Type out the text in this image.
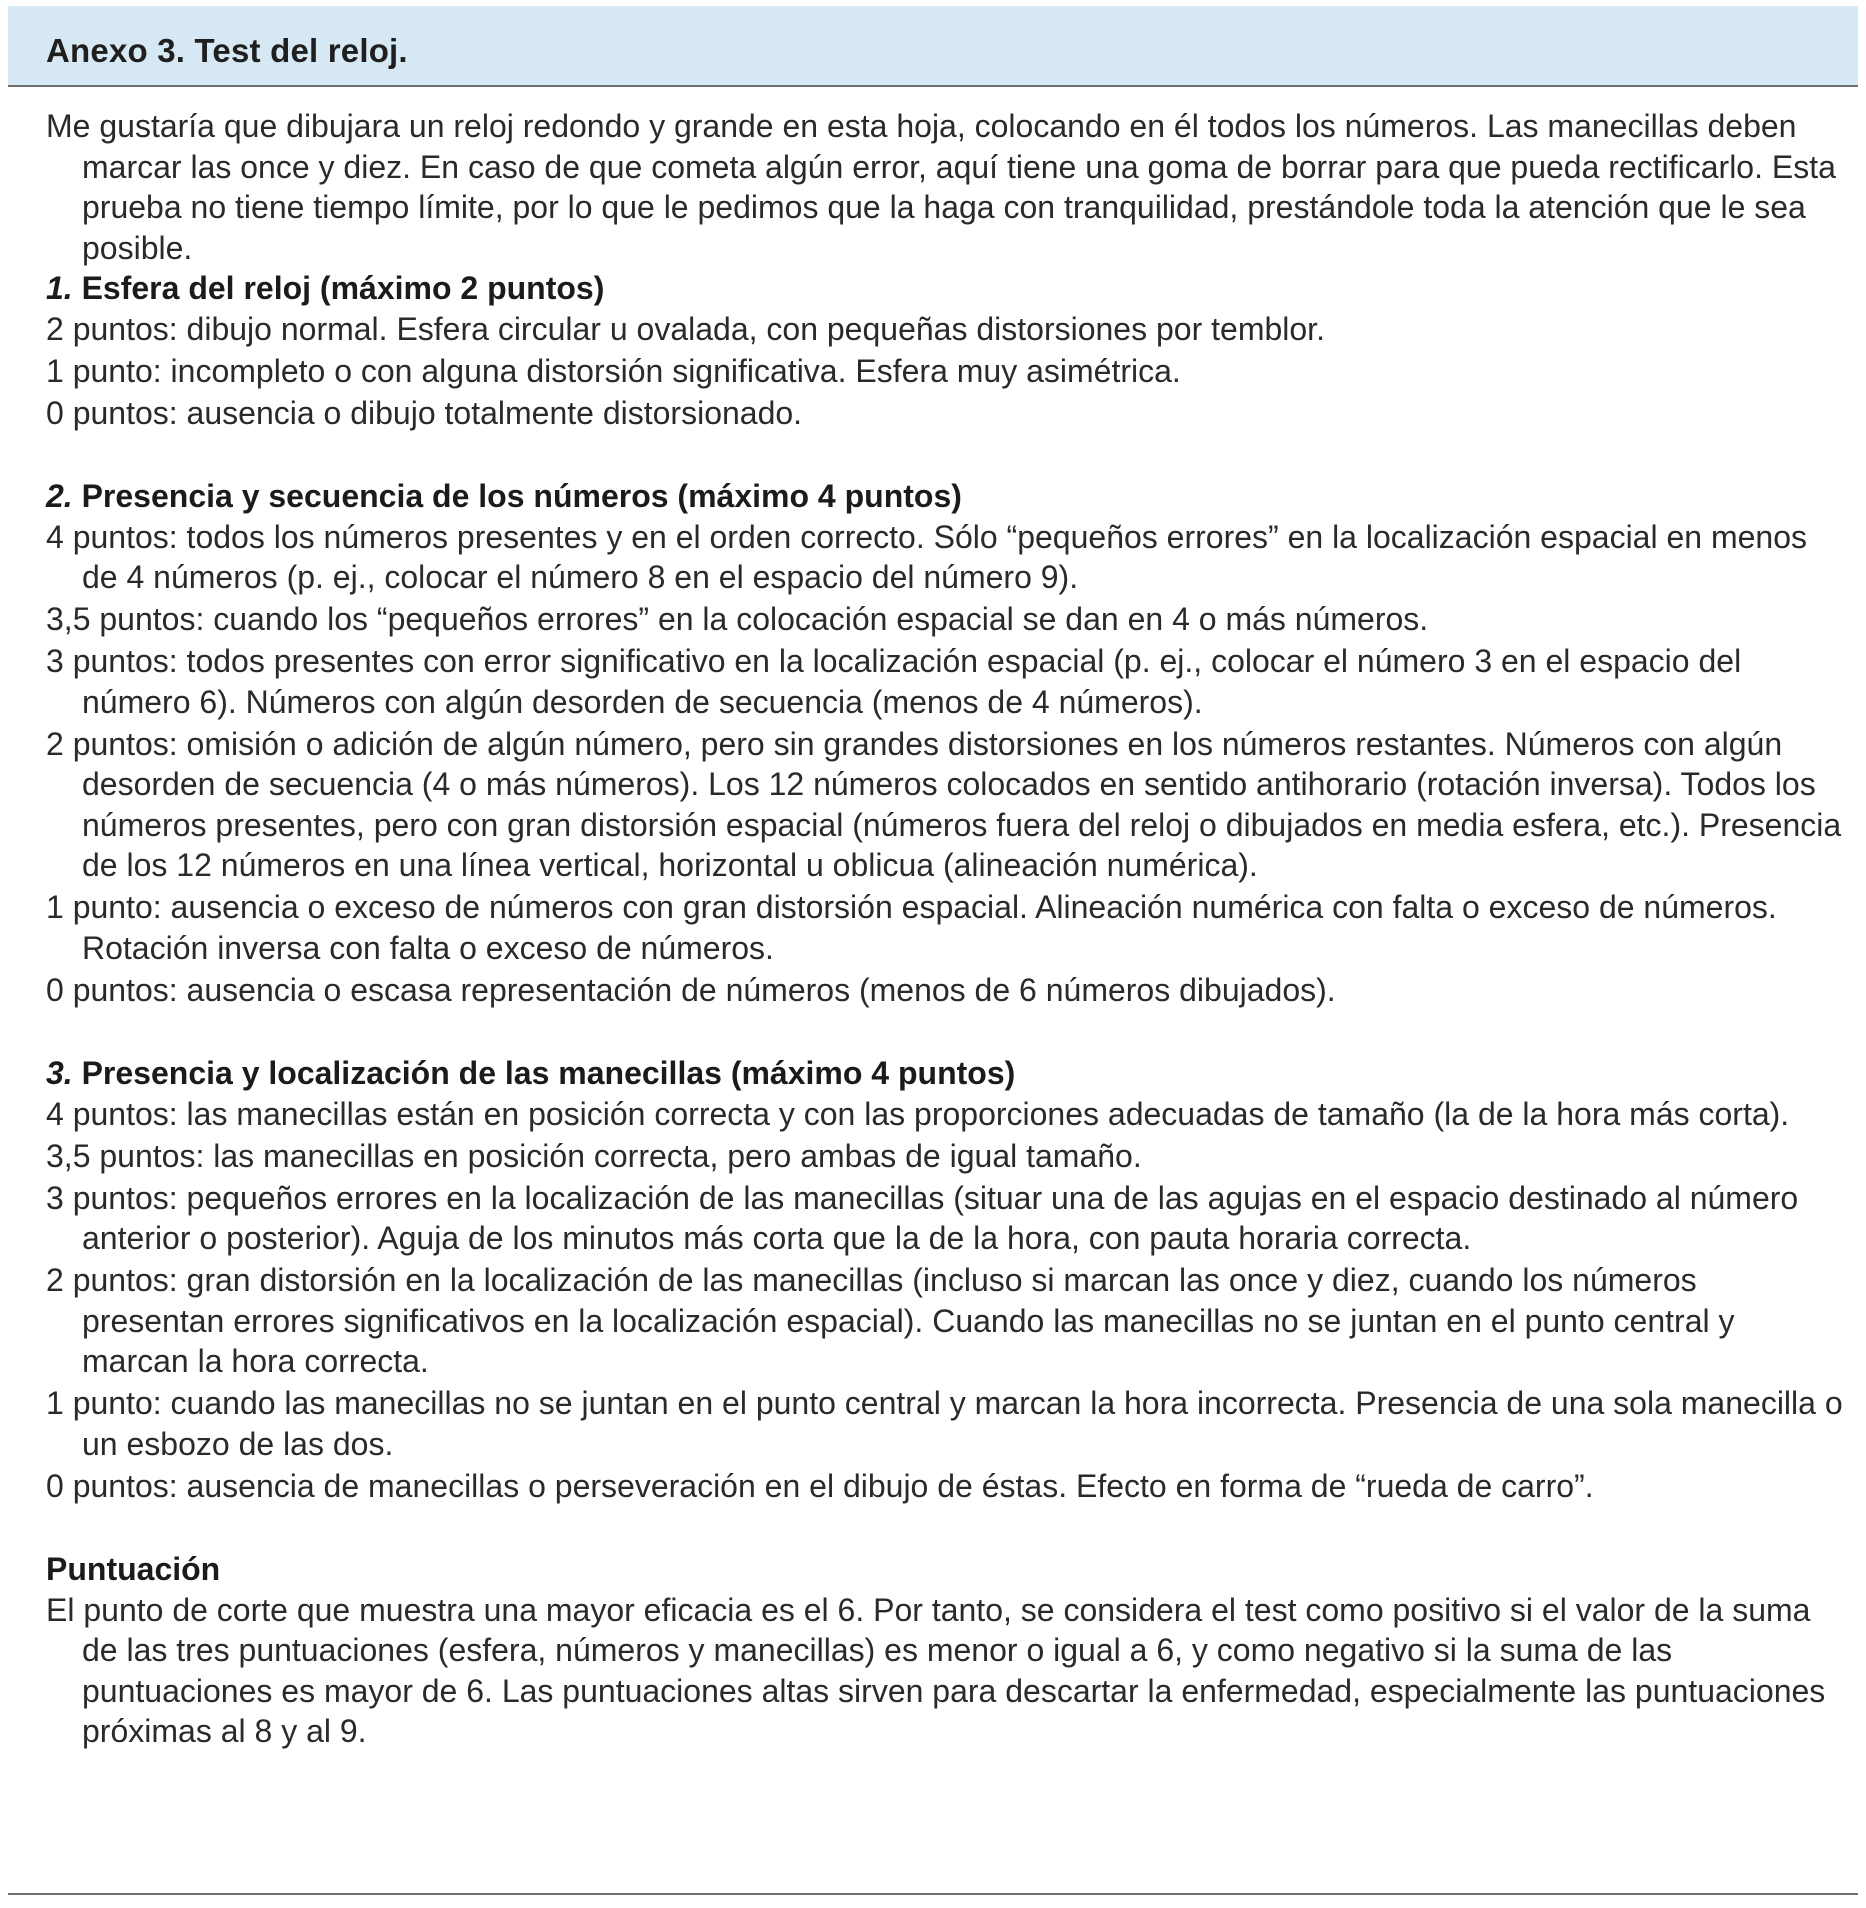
Anexo 3. Test del reloj.

Me gustaría que dibujara un reloj redondo y grande en esta hoja, colocando en él todos los números. Las manecillas deben marcar las once y diez. En caso de que cometa algún error, aquí tiene una goma de borrar para que pueda rectificarlo. Esta prueba no tiene tiempo límite, por lo que le pedimos que la haga con tranquilidad, prestándole toda la atención que le sea posible.

1. Esfera del reloj (máximo 2 puntos)

2 puntos: dibujo normal. Esfera circular u ovalada, con pequeñas distorsiones por temblor.

1 punto: incompleto o con alguna distorsión significativa. Esfera muy asimétrica.

0 puntos: ausencia o dibujo totalmente distorsionado.

2. Presencia y secuencia de los números (máximo 4 puntos)

4 puntos: todos los números presentes y en el orden correcto. Sólo “pequeños errores” en la localización espacial en menos de 4 números (p. ej., colocar el número 8 en el espacio del número 9).

3,5 puntos: cuando los “pequeños errores” en la colocación espacial se dan en 4 o más números.

3 puntos: todos presentes con error significativo en la localización espacial (p. ej., colocar el número 3 en el espacio del número 6). Números con algún desorden de secuencia (menos de 4 números).

2 puntos: omisión o adición de algún número, pero sin grandes distorsiones en los números restantes. Números con algún desorden de secuencia (4 o más números). Los 12 números colocados en sentido antihorario (rotación inversa). Todos los números presentes, pero con gran distorsión espacial (números fuera del reloj o dibujados en media esfera, etc.). Presencia de los 12 números en una línea vertical, horizontal u oblicua (alineación numérica).

1 punto: ausencia o exceso de números con gran distorsión espacial. Alineación numérica con falta o exceso de números. Rotación inversa con falta o exceso de números.

0 puntos: ausencia o escasa representación de números (menos de 6 números dibujados).

3. Presencia y localización de las manecillas (máximo 4 puntos)

4 puntos: las manecillas están en posición correcta y con las proporciones adecuadas de tamaño (la de la hora más corta).

3,5 puntos: las manecillas en posición correcta, pero ambas de igual tamaño.

3 puntos: pequeños errores en la localización de las manecillas (situar una de las agujas en el espacio destinado al número anterior o posterior). Aguja de los minutos más corta que la de la hora, con pauta horaria correcta.

2 puntos: gran distorsión en la localización de las manecillas (incluso si marcan las once y diez, cuando los números presentan errores significativos en la localización espacial). Cuando las manecillas no se juntan en el punto central y marcan la hora correcta.

1 punto: cuando las manecillas no se juntan en el punto central y marcan la hora incorrecta. Presencia de una sola manecilla o un esbozo de las dos.

0 puntos: ausencia de manecillas o perseveración en el dibujo de éstas. Efecto en forma de “rueda de carro”.

Puntuación

El punto de corte que muestra una mayor eficacia es el 6. Por tanto, se considera el test como positivo si el valor de la suma de las tres puntuaciones (esfera, números y manecillas) es menor o igual a 6, y como negativo si la suma de las puntuaciones es mayor de 6. Las puntuaciones altas sirven para descartar la enfermedad, especialmente las puntuaciones próximas al 8 y al 9.
